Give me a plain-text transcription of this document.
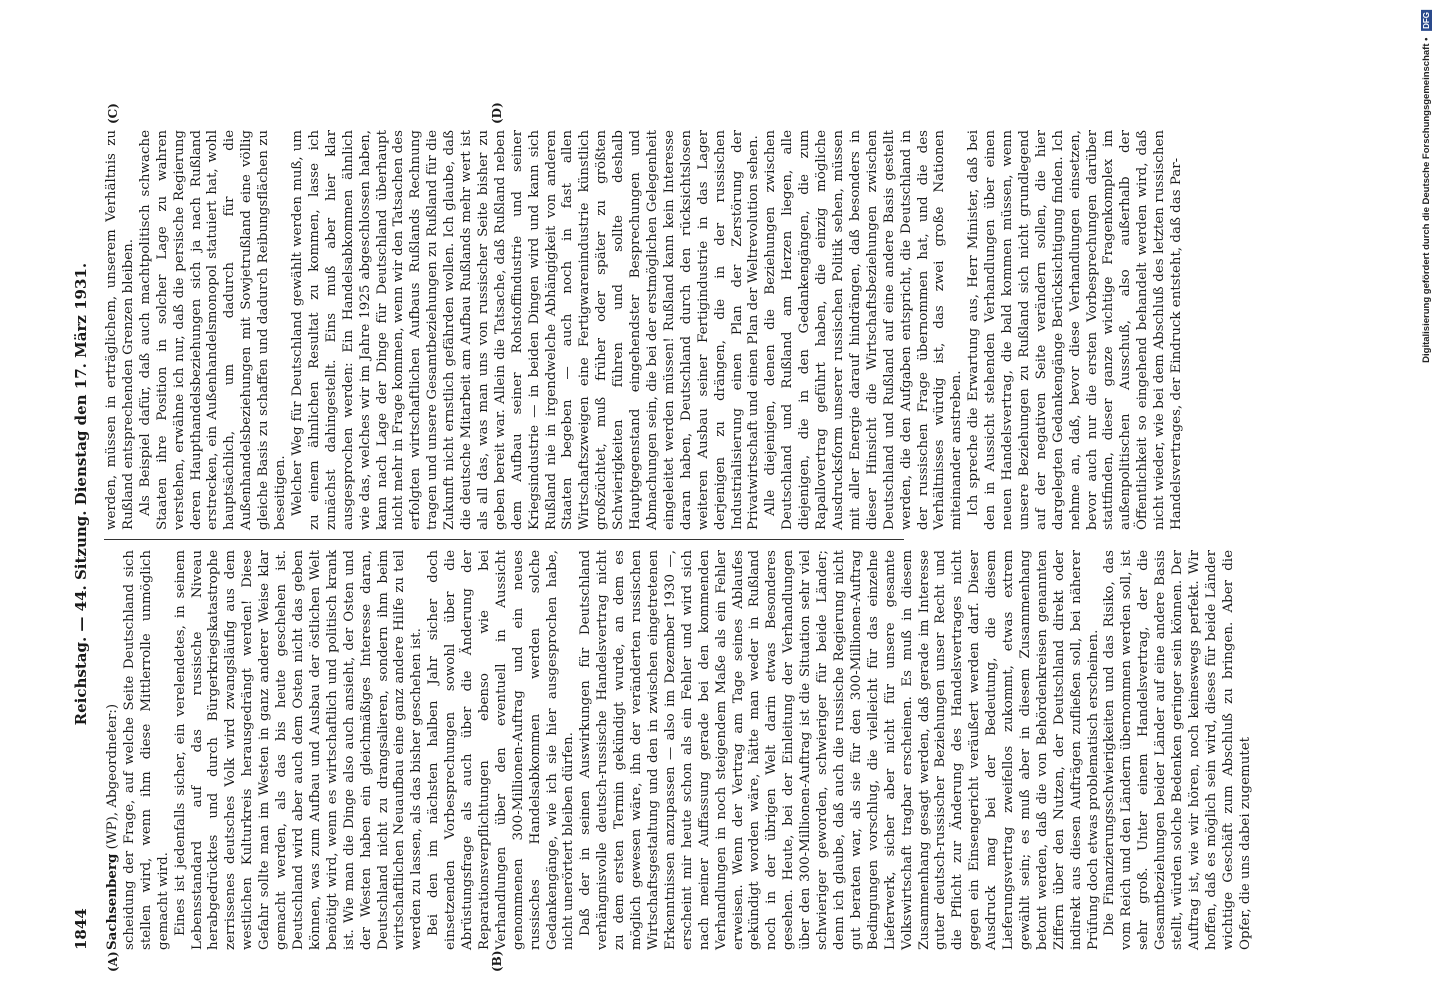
1844
Reichstag. — 44. Sitzung. Dienstag den 17. März 1931.

Sachsenberg (WP), Abgeordneter:) scheidung der Frage, auf welche Seite Deutschland sich stellen wird, wenn ihm diese Mittlerrolle unmöglich gemacht wird. Eines ist jedenfalls sicher, ein verelendetes, in seinem Lebensstandard auf das russische Niveau herabgedrücktes und durch Bürgerkriegskatastrophe zerrissenes deutsches Volk wird zwangsläufig aus dem westlichen Kulturkreis herausgedrängt werden! Diese Gefahr sollte man im Westen in ganz anderer Weise klar gemacht werden, als das bis heute geschehen ist. Deutschland wird aber auch dem Osten nicht das geben können, was zum Aufbau und Ausbau der östlichen Welt benötigt wird, wenn es wirtschaftlich und politisch krank ist. Wie man die Dinge also auch ansieht, der Osten und der Westen haben ein gleichmäßiges Interesse daran, Deutschland nicht zu drangsalieren, sondern ihm beim wirtschaftlichen Neuaufbau eine ganz andere Hilfe zu teil werden zu lassen, als das bisher geschehen ist. Bei den im nächsten halben Jahr sicher doch einsetzenden Vorbesprechungen sowohl über die Abrüstungsfrage als auch über die Änderung der Reparationsverpflichtungen ebenso wie bei Verhandlungen über den eventuell in Aussicht genommenen 300-Millionen-Auftrag und ein neues russisches Handelsabkommen werden solche Gedankengänge, wie ich sie hier ausgesprochen habe, nicht unerörtert bleiben dürfen. Daß der in seinen Auswirkungen für Deutschland verhängnisvolle deutsch-russische Handelsvertrag nicht zu dem ersten Termin gekündigt wurde, an dem es möglich gewesen wäre, ihn der veränderten russischen Wirtschaftsgestaltung und den in zwischen eingetretenen Erkenntnissen anzupassen — also im Dezember 1930 —, erscheint mir heute schon als ein Fehler und wird sich nach meiner Auffassung gerade bei den kommenden Verhandlungen in noch steigendem Maße als ein Fehler erweisen. Wenn der Vertrag am Tage seines Ablaufes gekündigt worden wäre, hätte man weder in Rußland noch in der übrigen Welt darin etwas Besonderes gesehen. Heute, bei der Einleitung der Verhandlungen über den 300-Millionen-Auftrag ist die Situation sehr viel schwieriger geworden, schwieriger für beide Länder; denn ich glaube, daß auch die russische Regierung nicht gut beraten war, als sie für den 300-Millionen-Auftrag Bedingungen vorschlug, die vielleicht für das einzelne Lieferwerk, sicher aber nicht für unsere gesamte Volkswirtschaft tragbar erscheinen. Es muß in diesem Zusammenhang gesagt werden, daß gerade im Interesse guter deutsch-russischer Beziehungen unser Recht und die Pflicht zur Änderung des Handelsvertrages nicht gegen ein Einsengericht veräußert werden darf. Dieser Ausdruck mag bei der Bedeutung, die diesem Lieferungsvertrag zweifellos zukommt, etwas extrem gewählt sein; es muß aber in diesem Zusammenhang betont werden, daß die von Behördenkreisen genannten Ziffern über den Nutzen, der Deutschland direkt oder indirekt aus diesen Aufträgen zufließen soll, bei näherer Prüfung doch etwas problematisch erscheinen. Die Finanzierungsschwierigkeiten und das Risiko, das vom Reich und den Ländern übernommen werden soll, ist sehr groß. Unter einem Handelsvertrag, der die Gesamtbeziehungen beider Länder auf eine andere Basis stellt, würden solche Bedenken geringer sein können. Der Auftrag ist, wie wir hören, noch keineswegs perfekt. Wir hoffen, daß es möglich sein wird, dieses für beide Länder wichtige Geschäft zum Abschluß zu bringen. Aber die Opfer, die uns dabei zugemutet

werden, müssen in erträglichem, unserem Verhältnis zu Rußland entsprechenden Grenzen bleiben. Als Beispiel dafür, daß auch machtpolitisch schwache Staaten ihre Position in solcher Lage zu wahren verstehen, erwähne ich nur, daß die persische Regierung deren Haupthandelsbeziehungen sich ja nach Rußland erstrecken, ein Außenhandelsmonopol statuiert hat, wohl hauptsächlich, um dadurch für die Außenhandelsbeziehungen mit Sowjetrußland eine völlig gleiche Basis zu schaffen und dadurch Reibungsflächen zu beseitigen. Welcher Weg für Deutschland gewählt werden muß, um zu einem ähnlichen Resultat zu kommen, lasse ich zunächst dahingestellt. Eins muß aber hier klar ausgesprochen werden: Ein Handelsabkommen ähnlich wie das, welches wir im Jahre 1925 abgeschlossen haben, kann nach Lage der Dinge für Deutschland überhaupt nicht mehr in Frage kommen, wenn wir den Tatsachen des erfolgten wirtschaftlichen Aufbaus Rußlands Rechnung tragen und unsere Gesamtbeziehungen zu Rußland für die Zukunft nicht ernstlich gefährden wollen. Ich glaube, daß die deutsche Mitarbeit am Aufbau Rußlands mehr wert ist als all das, was man uns von russischer Seite bisher zu geben bereit war. Allein die Tatsache, daß Rußland neben dem Aufbau seiner Rohstoffindustrie und seiner Kriegsindustrie — in beiden Dingen wird und kann sich Rußland nie in irgendwelche Abhängigkeit von anderen Staaten begeben — auch noch in fast allen Wirtschaftszweigen eine Fertigwarenindustrie künstlich großzüchtet, muß früher oder später zu größten Schwierigkeiten führen und sollte deshalb Hauptgegenstand eingehendster Besprechungen und Abmachungen sein, die bei der erstmöglichen Gelegenheit eingeleitet werden müssen! Rußland kann kein Interesse daran haben, Deutschland durch den rücksichtslosen weiteren Ausbau seiner Fertigindustrie in das Lager derjenigen zu drängen, die in der russischen Industrialisierung einen Plan der Zerstörung der Privatwirtschaft und einen Plan der Weltrevolution sehen. Alle diejenigen, denen die Beziehungen zwischen Deutschland und Rußland am Herzen liegen, alle diejenigen, die in den Gedankengängen, die zum Rapallovertrag geführt haben, die einzig mögliche Ausdrucksform unserer russischen Politik sehen, müssen mit aller Energie darauf hindrängen, daß besonders in dieser Hinsicht die Wirtschaftsbeziehungen zwischen Deutschland und Rußland auf eine andere Basis gestellt werden, die den Aufgaben entspricht, die Deutschland in der russischen Frage übernommen hat, und die des Verhältnisses würdig ist, das zwei große Nationen miteinander anstreben. Ich spreche die Erwartung aus, Herr Minister, daß bei den in Aussicht stehenden Verhandlungen über einen neuen Handelsvertrag, die bald kommen müssen, wenn unsere Beziehungen zu Rußland sich nicht grundlegend auf der negativen Seite verändern sollen, die hier dargelegten Gedankengänge Berücksichtigung finden. Ich nehme an, daß, bevor diese Verhandlungen einsetzen, bevor auch nur die ersten Vorbesprechungen darüber stattfinden, dieser ganze wichtige Fragenkomplex im außenpolitischen Ausschuß, also außerhalb der Öffentlichkeit so eingehend behandelt werden wird, daß nicht wieder, wie bei dem Abschluß des letzten russischen Handelsvertrages, der Eindruck entsteht, daß das Par-

(A)	(B)
(C)	(D)	Digitalisierung gefördert durch die Deutsche Forschungsgemeinschaft • DFG
